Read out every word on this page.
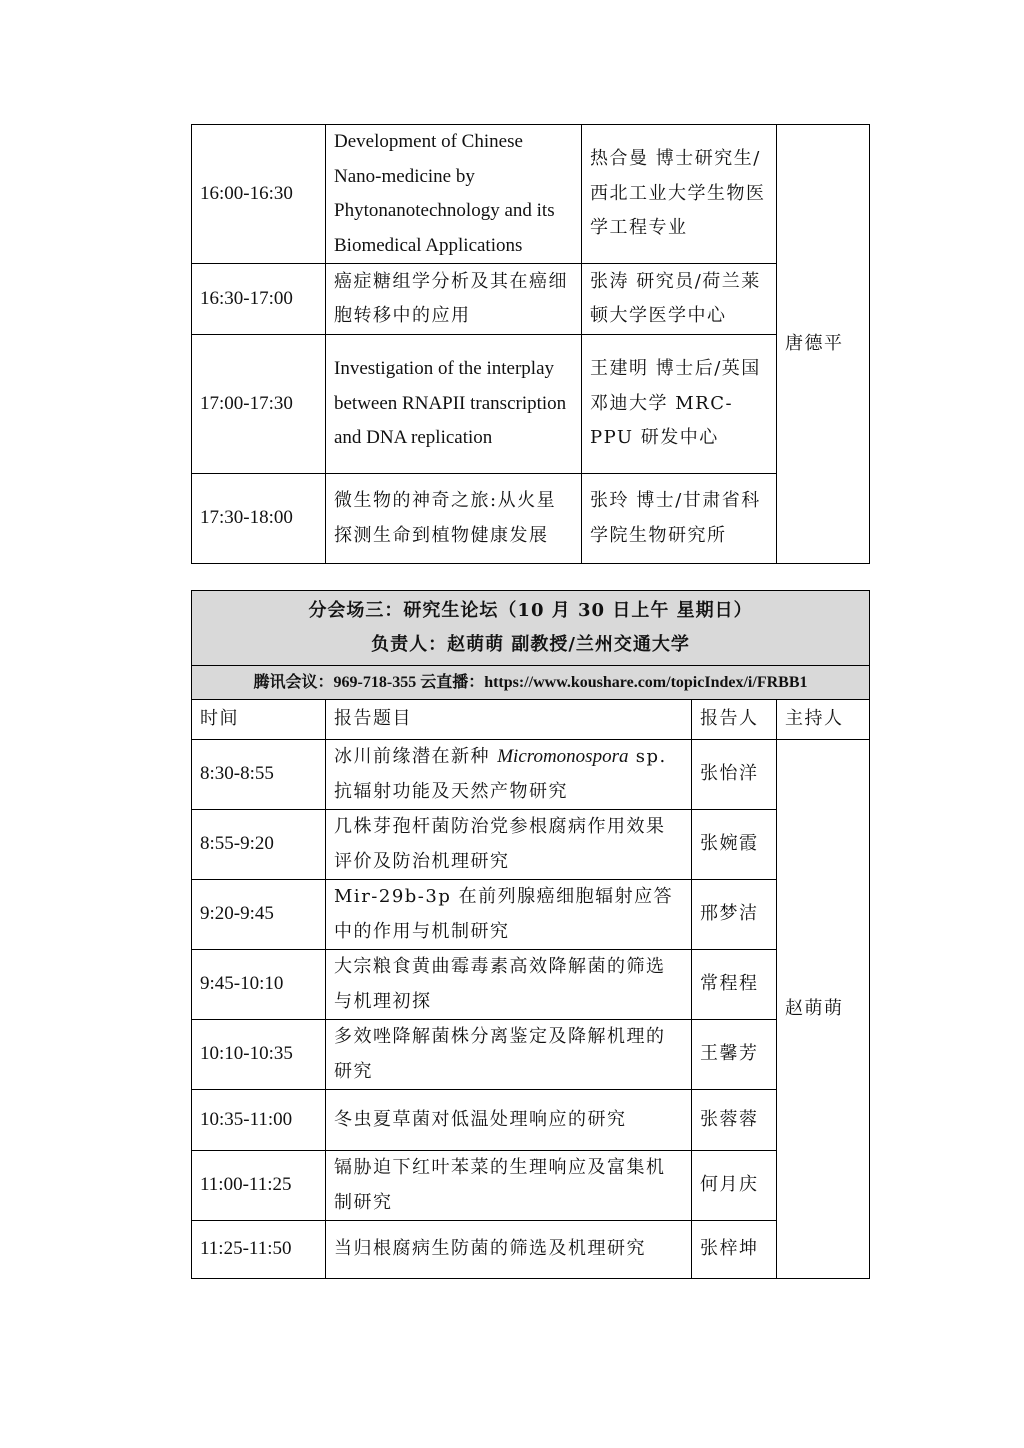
16:00-16:30	Development of Chinese Nano-medicine by Phytonanotechnology and its Biomedical Applications	热合曼 博士研究生/西北工业大学生物医学工程专业	唐德平
16:30-17:00	癌症糖组学分析及其在癌细胞转移中的应用	张涛 研究员/荷兰莱顿大学医学中心	
17:00-17:30	Investigation of the interplay between RNAPII transcription and DNA replication	王建明 博士后/英国邓迪大学 MRC-PPU 研发中心	
17:30-18:00	微生物的神奇之旅:从火星探测生命到植物健康发展	张玲 博士/甘肃省科学院生物研究所	
分会场三：研究生论坛（10 月 30 日上午 星期日）
负责人：赵萌萌 副教授/兰州交通大学			

腾讯会议：969-718-355 云直播：https://www.koushare.com/topicIndex/i/FRBB1			
时间	报告题目	报告人	主持人
8:30-8:55	冰川前缘潜在新种 Micromonospora sp. 抗辐射功能及天然产物研究	张怡洋	赵萌萌
8:55-9:20	几株芽孢杆菌防治党参根腐病作用效果评价及防治机理研究	张婉霞	
9:20-9:45	Mir-29b-3p 在前列腺癌细胞辐射应答中的作用与机制研究	邢梦洁	
9:45-10:10	大宗粮食黄曲霉毒素高效降解菌的筛选与机理初探	常程程	
10:10-10:35	多效唑降解菌株分离鉴定及降解机理的研究	王馨芳	
10:35-11:00	冬虫夏草菌对低温处理响应的研究	张蓉蓉	
11:00-11:25	镉胁迫下红叶苯菜的生理响应及富集机制研究	何月庆	
11:25-11:50	当归根腐病生防菌的筛选及机理研究	张梓坤	
